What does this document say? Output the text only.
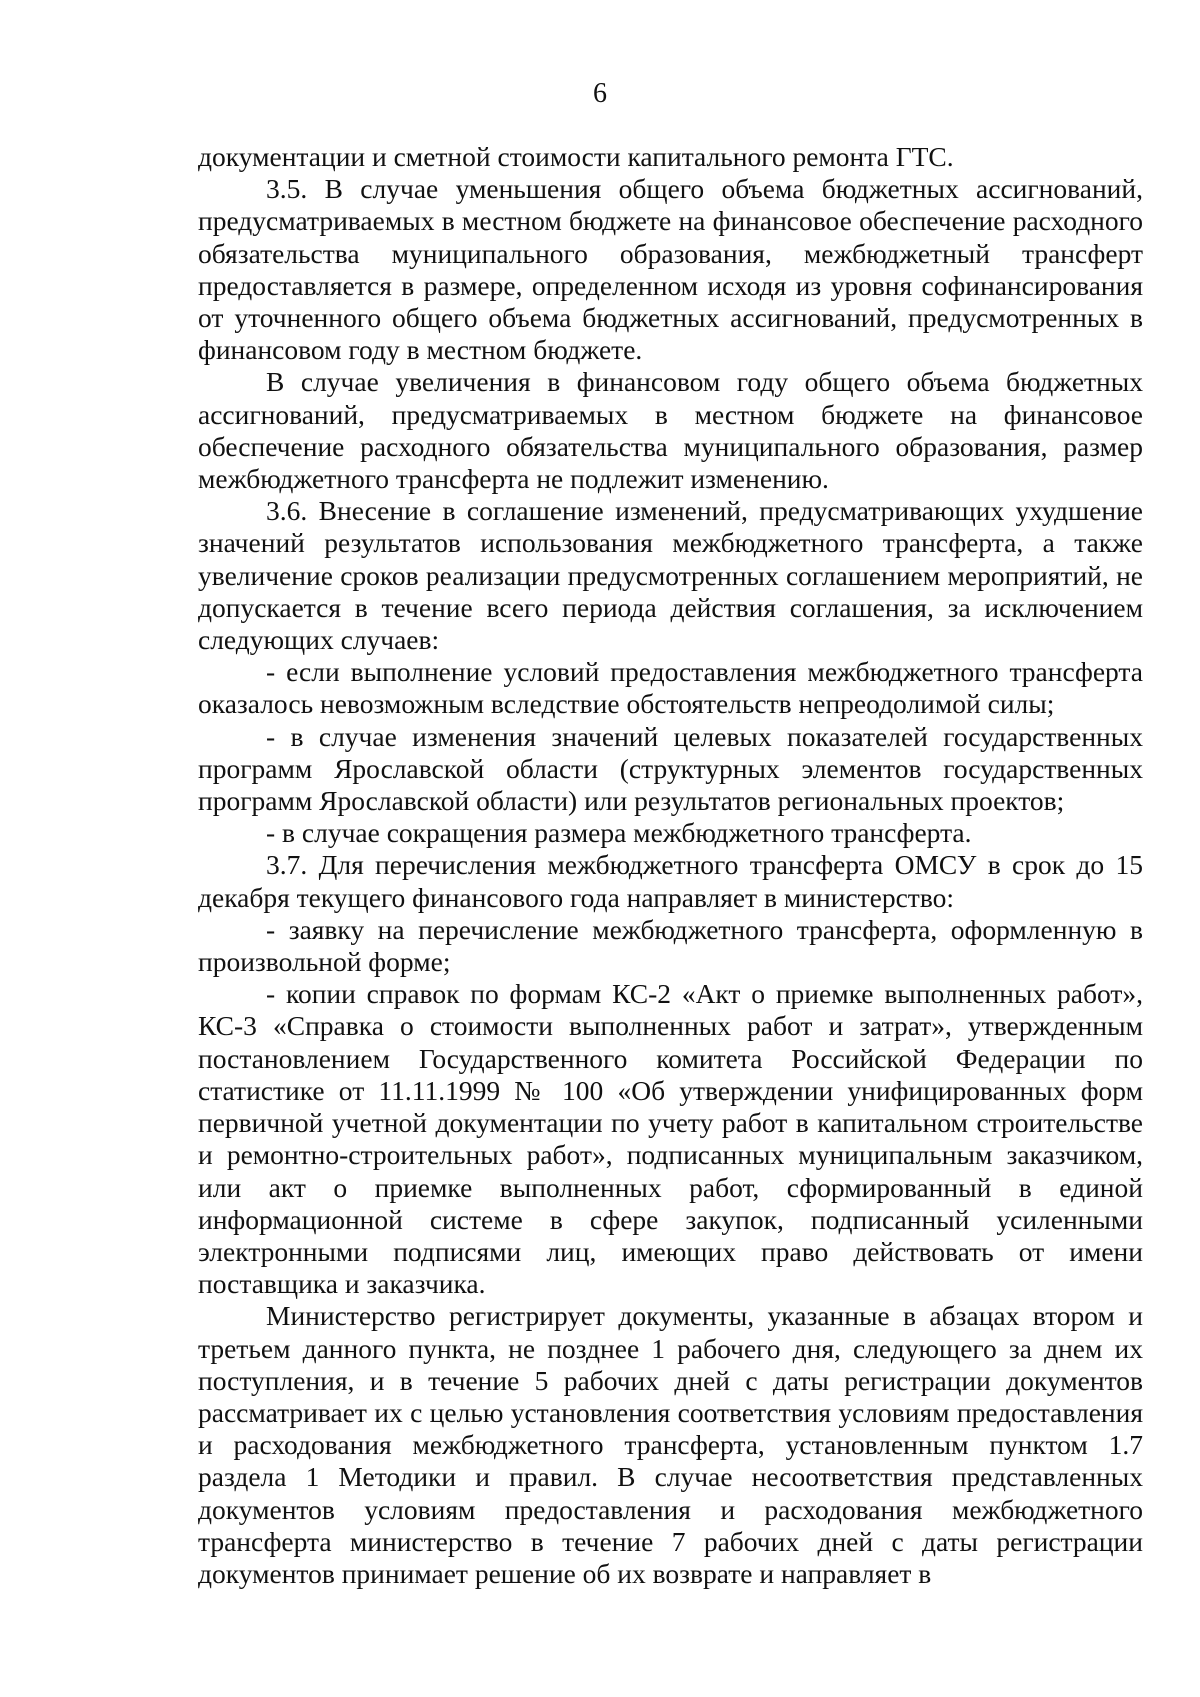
6

документации и сметной стоимости капитального ремонта ГТС.

3.5. В случае уменьшения общего объема бюджетных ассигнований, предусматриваемых в местном бюджете на финансовое обеспечение расходного обязательства муниципального образования, межбюджетный трансферт предоставляется в размере, определенном исходя из уровня софинансирования от уточненного общего объема бюджетных ассигнований, предусмотренных в финансовом году в местном бюджете.

В случае увеличения в финансовом году общего объема бюджетных ассигнований, предусматриваемых в местном бюджете на финансовое обеспечение расходного обязательства муниципального образования, размер межбюджетного трансферта не подлежит изменению.

3.6. Внесение в соглашение изменений, предусматривающих ухудшение значений результатов использования межбюджетного трансферта, а также увеличение сроков реализации предусмотренных соглашением мероприятий, не допускается в течение всего периода действия соглашения, за исключением следующих случаев:

- если выполнение условий предоставления межбюджетного трансферта оказалось невозможным вследствие обстоятельств непреодолимой силы;

- в случае изменения значений целевых показателей государственных программ Ярославской области (структурных элементов государственных программ Ярославской области) или результатов региональных проектов;

- в случае сокращения размера межбюджетного трансферта.

3.7. Для перечисления межбюджетного трансферта ОМСУ в срок до 15 декабря текущего финансового года направляет в министерство:

- заявку на перечисление межбюджетного трансферта, оформленную в произвольной форме;

- копии справок по формам КС-2 «Акт о приемке выполненных работ», КС-3 «Справка о стоимости выполненных работ и затрат», утвержденным постановлением Государственного комитета Российской Федерации по статистике от 11.11.1999 № 100 «Об утверждении унифицированных форм первичной учетной документации по учету работ в капитальном строительстве и ремонтно-строительных работ», подписанных муниципальным заказчиком, или акт о приемке выполненных работ, сформированный в единой информационной системе в сфере закупок, подписанный усиленными электронными подписями лиц, имеющих право действовать от имени поставщика и заказчика.

Министерство регистрирует документы, указанные в абзацах втором и третьем данного пункта, не позднее 1 рабочего дня, следующего за днем их поступления, и в течение 5 рабочих дней с даты регистрации документов рассматривает их с целью установления соответствия условиям предоставления и расходования межбюджетного трансферта, установленным пунктом 1.7 раздела 1 Методики и правил. В случае несоответствия представленных документов условиям предоставления и расходования межбюджетного трансферта министерство в течение 7 рабочих дней с даты регистрации документов принимает решение об их возврате и направляет в
